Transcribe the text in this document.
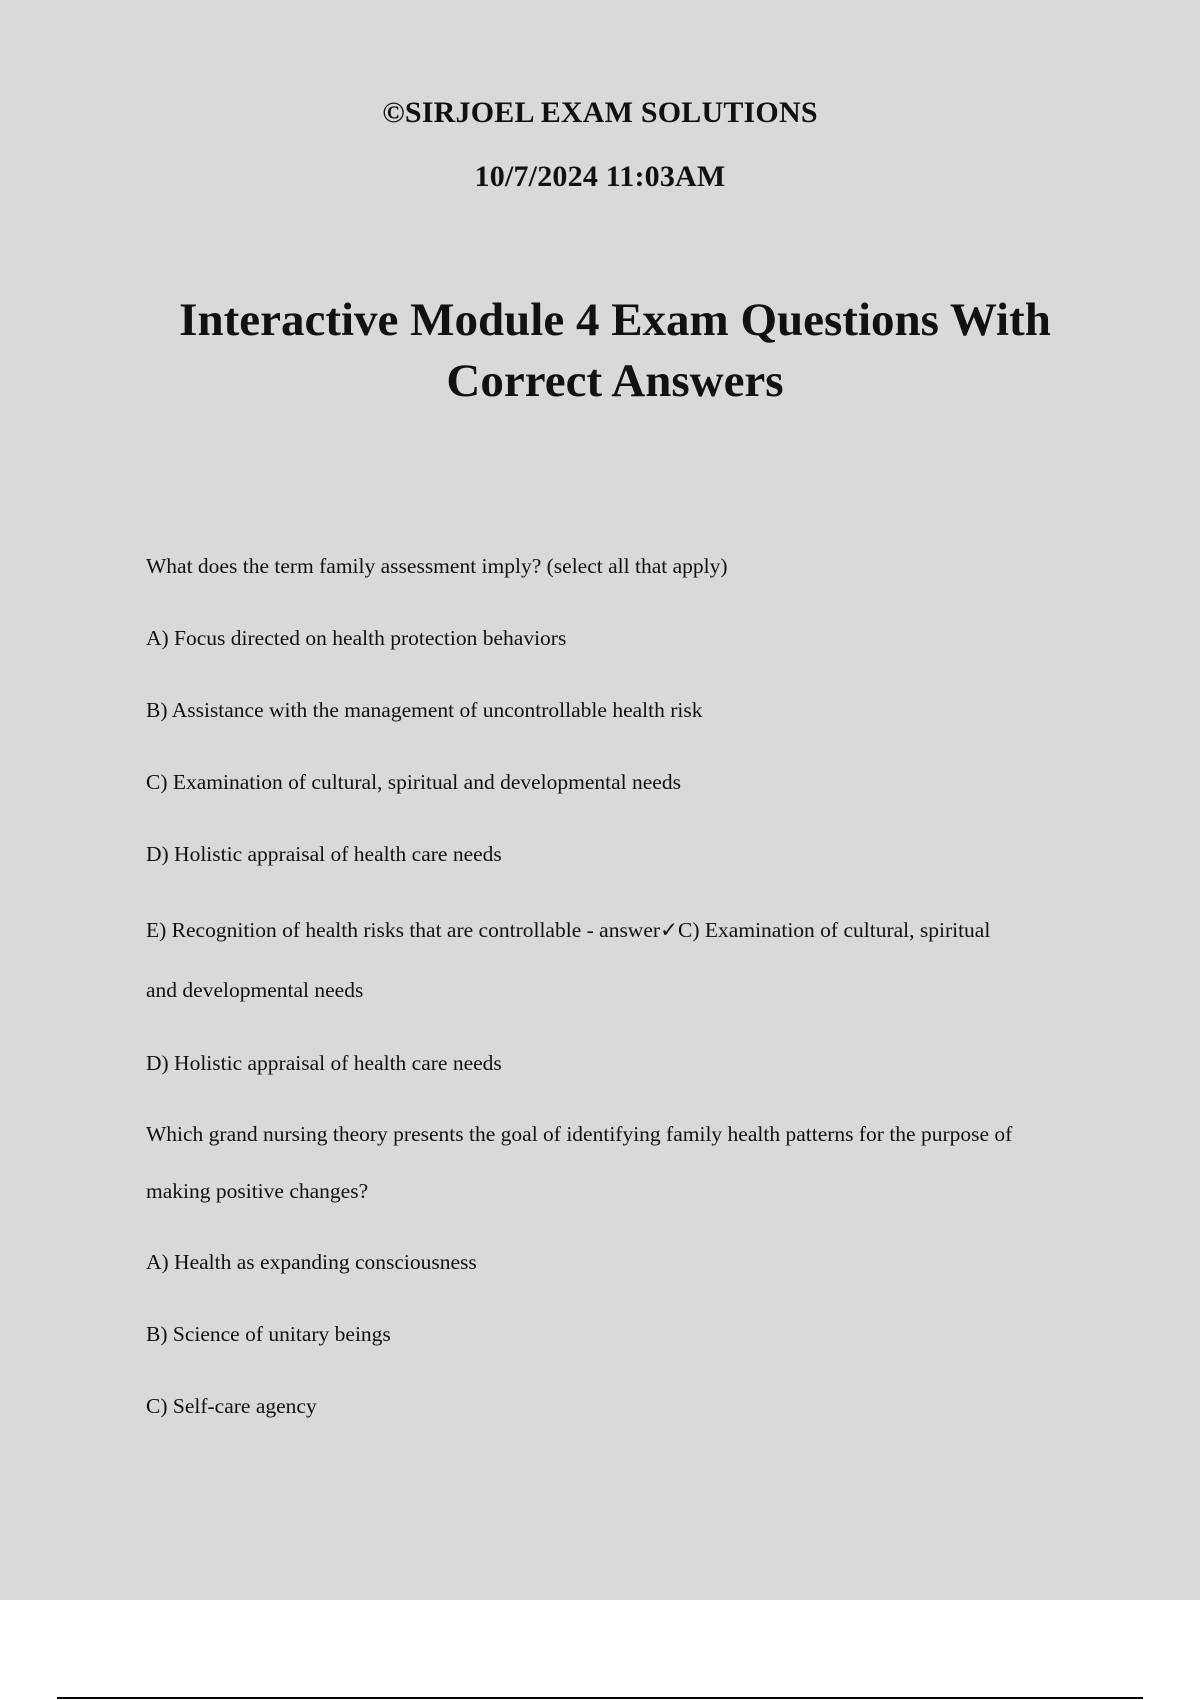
©SIRJOEL EXAM SOLUTIONS
10/7/2024 11:03AM
Interactive Module 4 Exam Questions With Correct Answers
What does the term family assessment imply? (select all that apply)
A) Focus directed on health protection behaviors
B) Assistance with the management of uncontrollable health risk
C) Examination of cultural, spiritual and developmental needs
D) Holistic appraisal of health care needs
E) Recognition of health risks that are controllable - answer✓C) Examination of cultural, spiritual and developmental needs
D) Holistic appraisal of health care needs
Which grand nursing theory presents the goal of identifying family health patterns for the purpose of making positive changes?
A) Health as expanding consciousness
B) Science of unitary beings
C) Self-care agency
